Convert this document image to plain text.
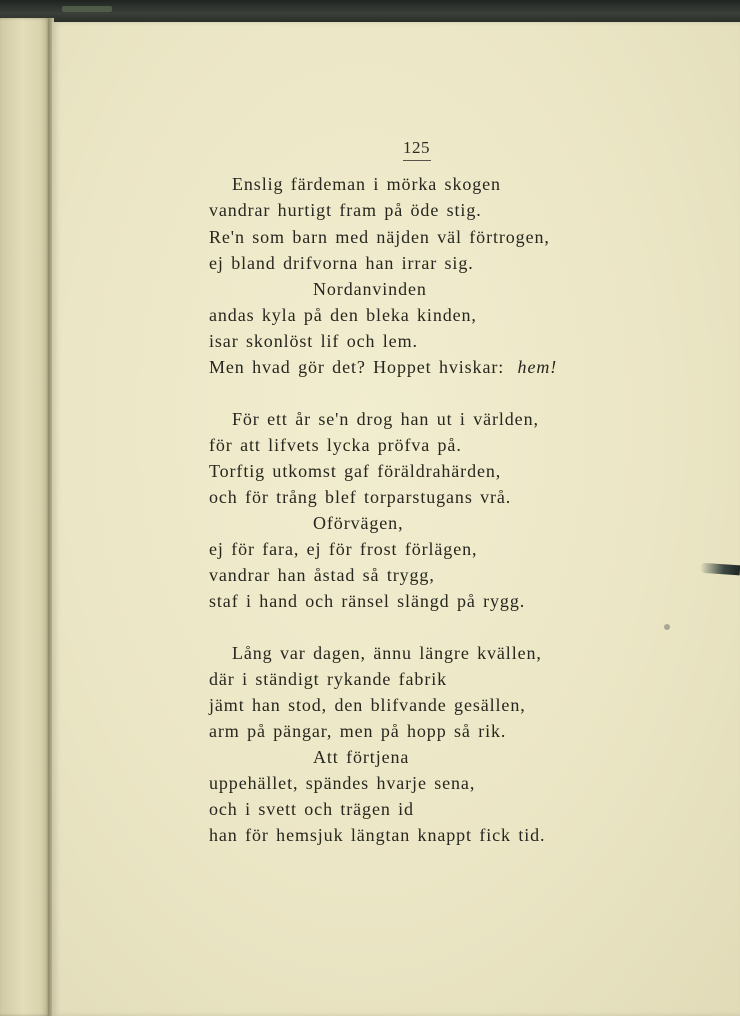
125
Enslig färdeman i mörka skogen
vandrar hurtigt fram på öde stig.
Re'n som barn med näjden väl förtrogen,
ej bland drifvorna han irrar sig.
Nordanvinden
andas kyla på den bleka kinden,
isar skonlöst lif och lem.
Men hvad gör det? Hoppet hviskar: hem!
För ett år se'n drog han ut i världen,
för att lifvets lycka pröfva på.
Torftig utkomst gaf föräldrahärden,
och för trång blef torparstugans vrå.
Oförvägen,
ej för fara, ej för frost förlägen,
vandrar han åstad så trygg,
staf i hand och ränsel slängd på rygg.
Lång var dagen, ännu längre kvällen,
där i ständigt rykande fabrik
jämt han stod, den blifvande gesällen,
arm på pängar, men på hopp så rik.
Att förtjena
uppehället, spändes hvarje sena,
och i svett och trägen id
han för hemsjuk längtan knappt fick tid.
